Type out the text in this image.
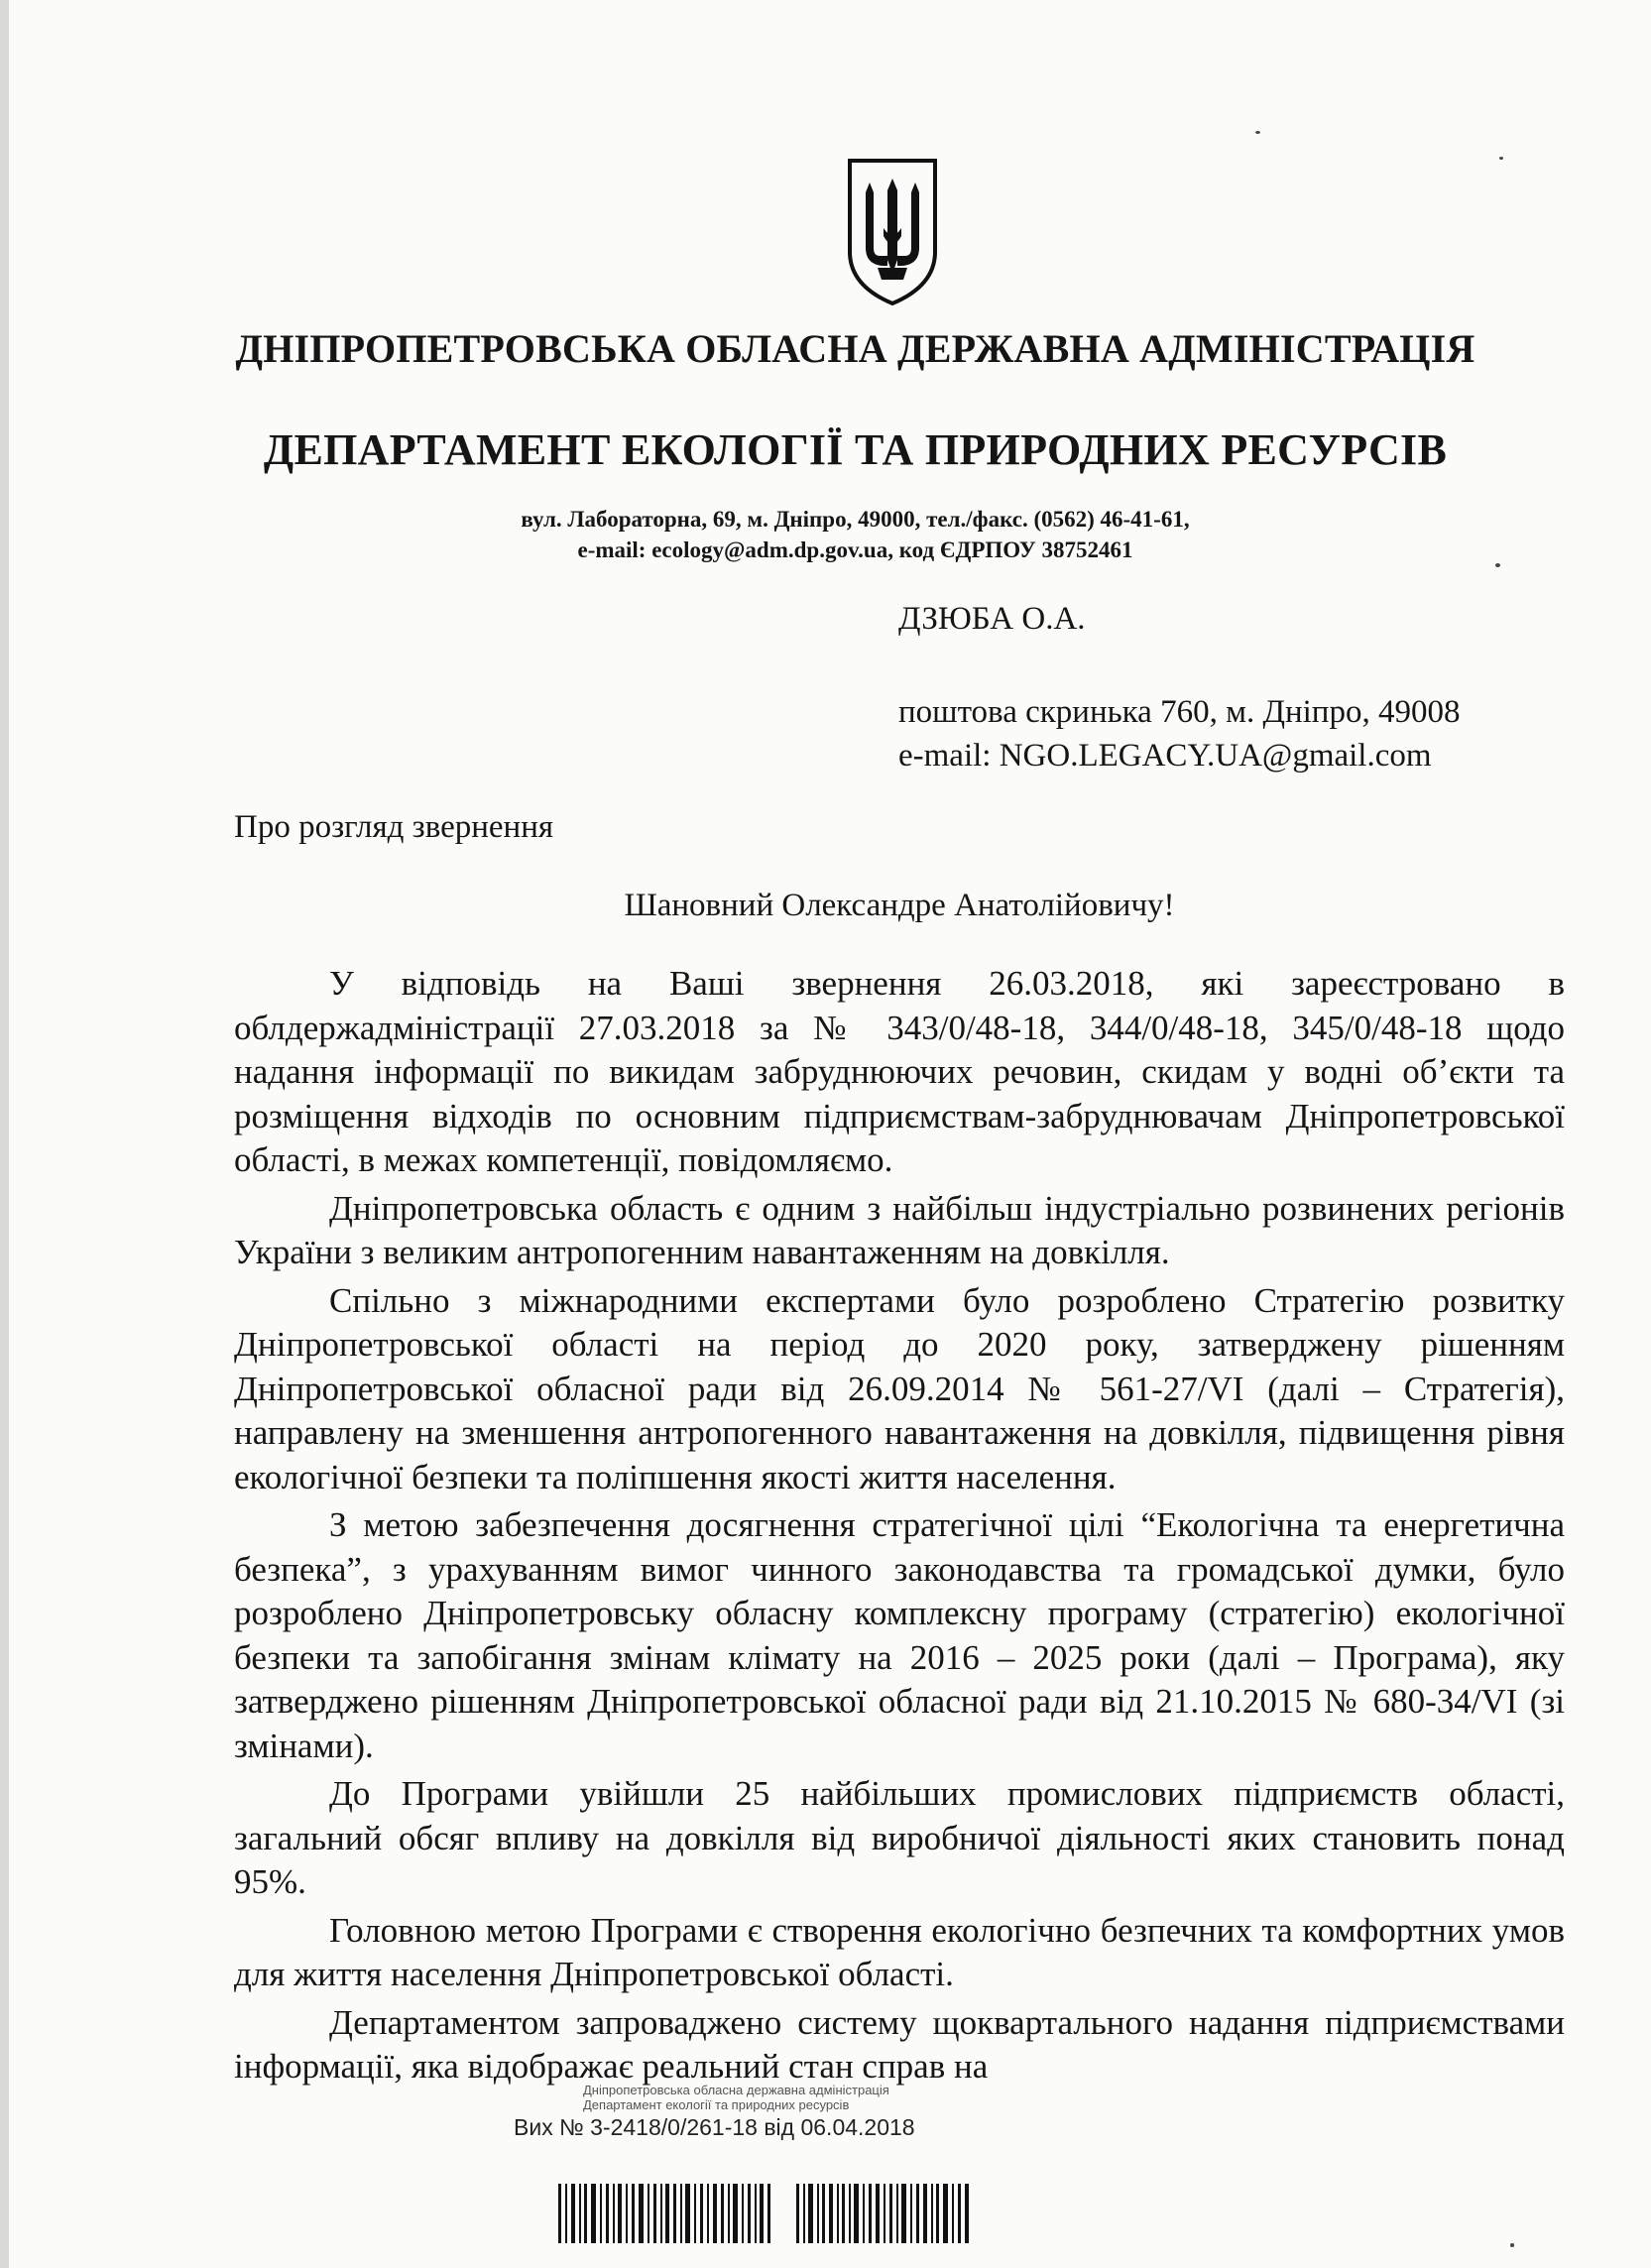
ДНІПРОПЕТРОВСЬКА ОБЛАСНА ДЕРЖАВНА АДМІНІСТРАЦІЯ
ДЕПАРТАМЕНТ ЕКОЛОГІЇ ТА ПРИРОДНИХ РЕСУРСІВ
вул. Лабораторна, 69, м. Дніпро, 49000, тел./факс. (0562) 46-41-61,
e-mail: ecology@adm.dp.gov.ua, код ЄДРПОУ 38752461
ДЗЮБА О.А.
поштова скринька 760, м. Дніпро, 49008
e-mail: NGO.LEGACY.UA@gmail.com
Про розгляд звернення
Шановний Олександре Анатолійовичу!

У відповідь на Ваші звернення 26.03.2018, які зареєстровано в облдержадміністрації 27.03.2018 за № 343/0/48-18, 344/0/48-18, 345/0/48-18 щодо надання інформації по викидам забруднюючих речовин, скидам у водні об’єкти та розміщення відходів по основним підприємствам-забруднювачам Дніпропетровської області, в межах компетенції, повідомляємо.

Дніпропетровська область є одним з найбільш індустріально розвинених регіонів України з великим антропогенним навантаженням на довкілля.

Спільно з міжнародними експертами було розроблено Стратегію розвитку Дніпропетровської області на період до 2020 року, затверджену рішенням Дніпропетровської обласної ради від 26.09.2014 № 561-27/VI (далі – Стратегія), направлену на зменшення антропогенного навантаження на довкілля, підвищення рівня екологічної безпеки та поліпшення якості життя населення.

З метою забезпечення досягнення стратегічної цілі “Екологічна та енергетична безпека”, з урахуванням вимог чинного законодавства та громадської думки, було розроблено Дніпропетровську обласну комплексну програму (стратегію) екологічної безпеки та запобігання змінам клімату на 2016 – 2025 роки (далі – Програма), яку затверджено рішенням Дніпропетровської обласної ради від 21.10.2015 № 680-34/VI (зі змінами).

До Програми увійшли 25 найбільших промислових підприємств області, загальний обсяг впливу на довкілля від виробничої діяльності яких становить понад 95%.

Головною метою Програми є створення екологічно безпечних та комфортних умов для життя населення Дніпропетровської області.

Департаментом запроваджено систему щоквартального надання підприємствами інформації, яка відображає реальний стан справ на

Дніпропетровська обласна державна адміністрація
Департамент екології та природних ресурсів
Вих № 3-2418/0/261-18 від 06.04.2018
